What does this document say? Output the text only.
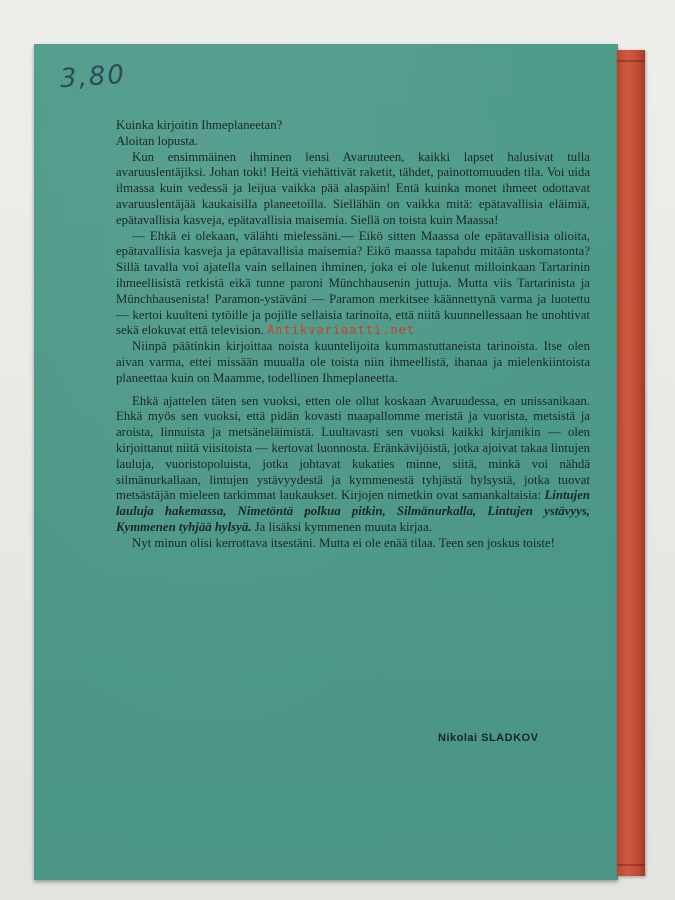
3,80

Kuinka kirjoitin Ihmeplaneetan?

Aloitan lopusta.

Kun ensimmäinen ihminen lensi Avaruuteen, kaikki lapset halusivat tulla avaruuslentäjiksi. Johan toki! Heitä viehättivät raketit, tähdet, painottomuuden tila. Voi uida ilmassa kuin vedessä ja leijua vaikka pää alaspäin! Entä kuinka monet ihmeet odottavat avaruuslentäjää kaukaisilla planeetoilla. Siellähän on vaikka mitä: epätavallisia eläimiä, epätavallisia kasveja, epätavallisia maisemia. Siellä on toista kuin Maassa!

— Ehkä ei olekaan, välähti mielessäni.— Eikö sitten Maassa ole epätavallisia olioita, epätavallisia kasveja ja epätavallisia maisemia? Eikö maassa tapahdu mitään uskomatonta? Sillä tavalla voi ajatella vain sellainen ihminen, joka ei ole lukenut milloinkaan Tartarinin ihmeellisistä retkistä eikä tunne paroni Münchhausenin juttuja. Mutta viis Tartarinista ja Münchhausenista! Paramon-ystäväni — Paramon merkitsee käännettynä varma ja luotettu — kertoi kuulteni tytöille ja pojille sellaisia tarinoita, että niitä kuunnellessaan he unohtivat sekä elokuvat että television. Antikvariaatti.net

Niinpä päätinkin kirjoittaa noista kuuntelijoita kummastuttaneista tarinoista. Itse olen aivan varma, ettei missään muualla ole toista niin ihmeellistä, ihanaa ja mielenkiintoista planeettaa kuin on Maamme, todellinen Ihmeplaneetta.

Ehkä ajattelen täten sen vuoksi, etten ole ollut koskaan Avaruudessa, en unissanikaan. Ehkä myös sen vuoksi, että pidän kovasti maapallomme meristä ja vuorista, metsistä ja aroista, linnuista ja metsäneläimistä. Luultavasti sen vuoksi kaikki kirjanikin — olen kirjoittanut niitä viisitoista — kertovat luonnosta. Eränkävijöistä, jotka ajoivat takaa lintujen lauluja, vuoristopoluista, jotka johtavat kukaties minne, siitä, minkä voi nähdä silmänurkallaan, lintujen ystävyydestä ja kymmenestä tyhjästä hylsystä, jotka tuovat metsästäjän mieleen tarkimmat laukaukset. Kirjojen nimetkin ovat samankaltaisia: Lintujen lauluja hakemassa, Nimetöntä polkua pitkin, Silmänurkalla, Lintujen ystävyys, Kymmenen tyhjää hylsyä. Ja lisäksi kymmenen muuta kirjaa.

Nyt minun olisi kerrottava itsestäni. Mutta ei ole enää tilaa. Teen sen joskus toiste!

Nikolai SLADKOV
